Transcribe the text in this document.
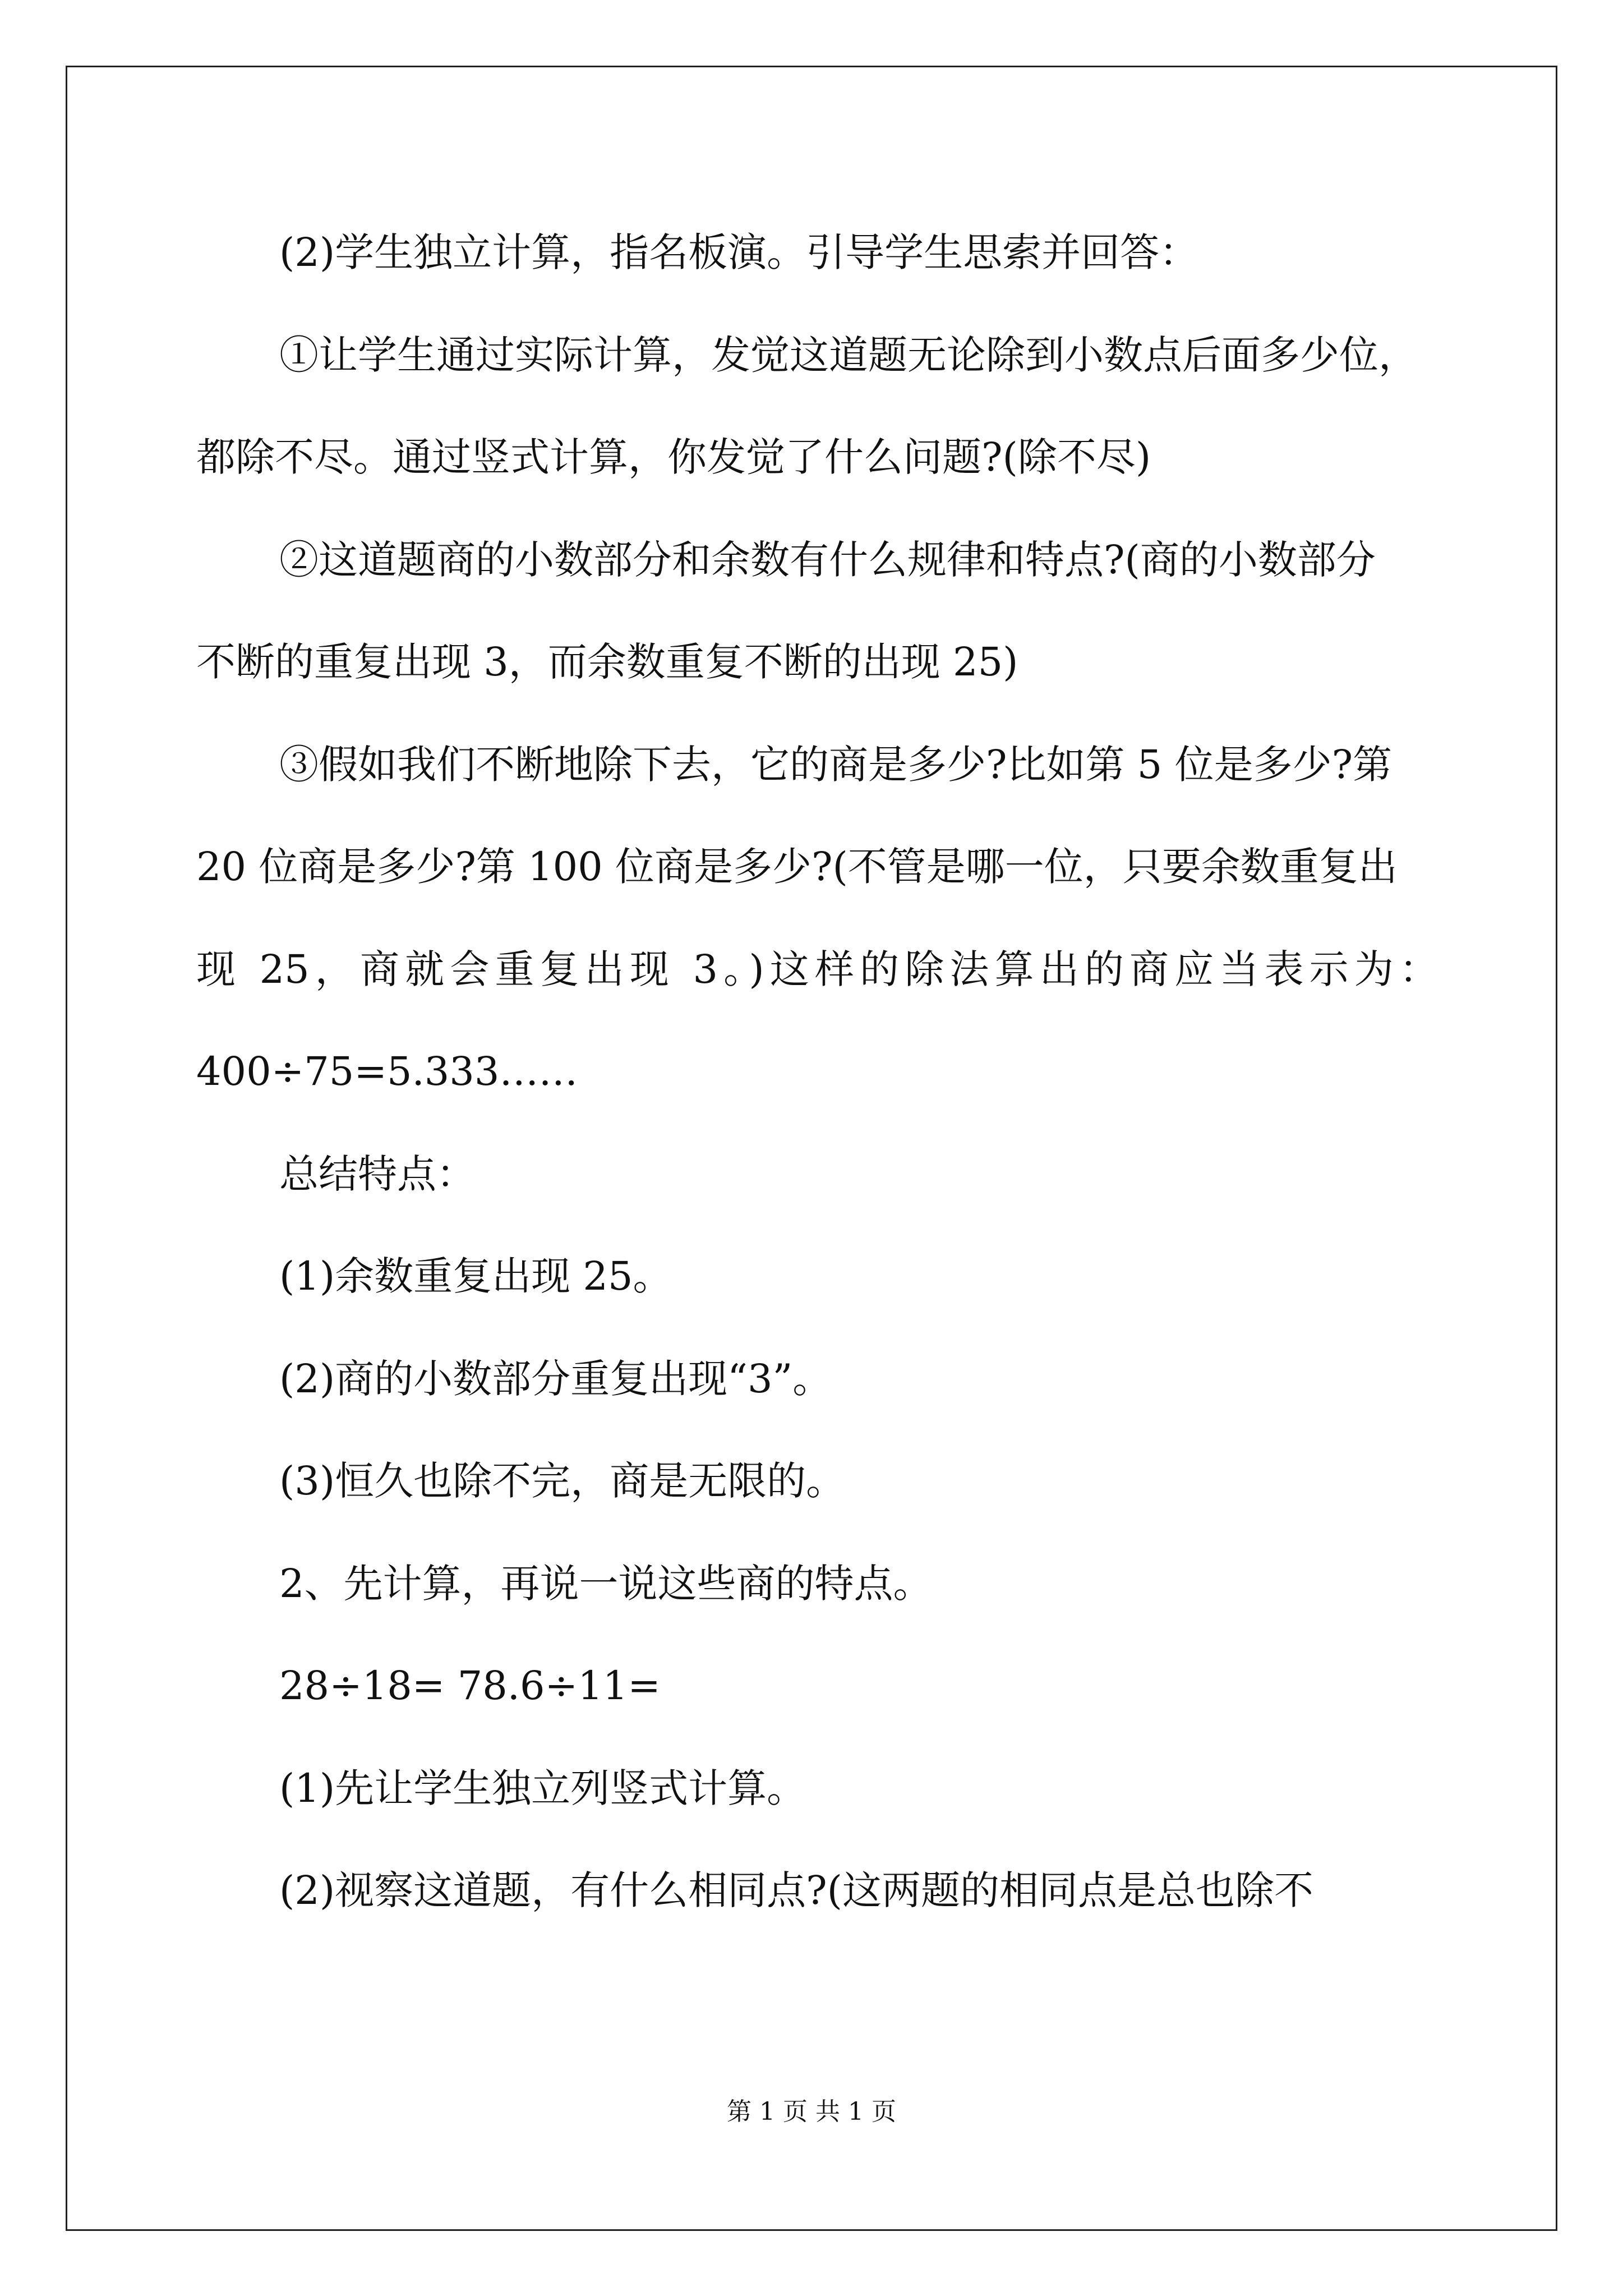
(2)学生独立计算，指名板演。引导学生思索并回答：
①让学生通过实际计算，发觉这道题无论除到小数点后面多少位，
都除不尽。通过竖式计算，你发觉了什么问题?(除不尽)
②这道题商的小数部分和余数有什么规律和特点?(商的小数部分
不断的重复出现 3，而余数重复不断的出现 25)
③假如我们不断地除下去，它的商是多少?比如第 5 位是多少?第
20 位商是多少?第 100 位商是多少?(不管是哪一位，只要余数重复出
现 25，商就会重复出现 3。)这样的除法算出的商应当表示为：
400÷75=5.333……
总结特点：
(1)余数重复出现 25。
(2)商的小数部分重复出现“3”。
(3)恒久也除不完，商是无限的。
2、先计算，再说一说这些商的特点。
28÷18= 78.6÷11=
(1)先让学生独立列竖式计算。
(2)视察这道题，有什么相同点?(这两题的相同点是总也除不
第 1 页 共 1 页
